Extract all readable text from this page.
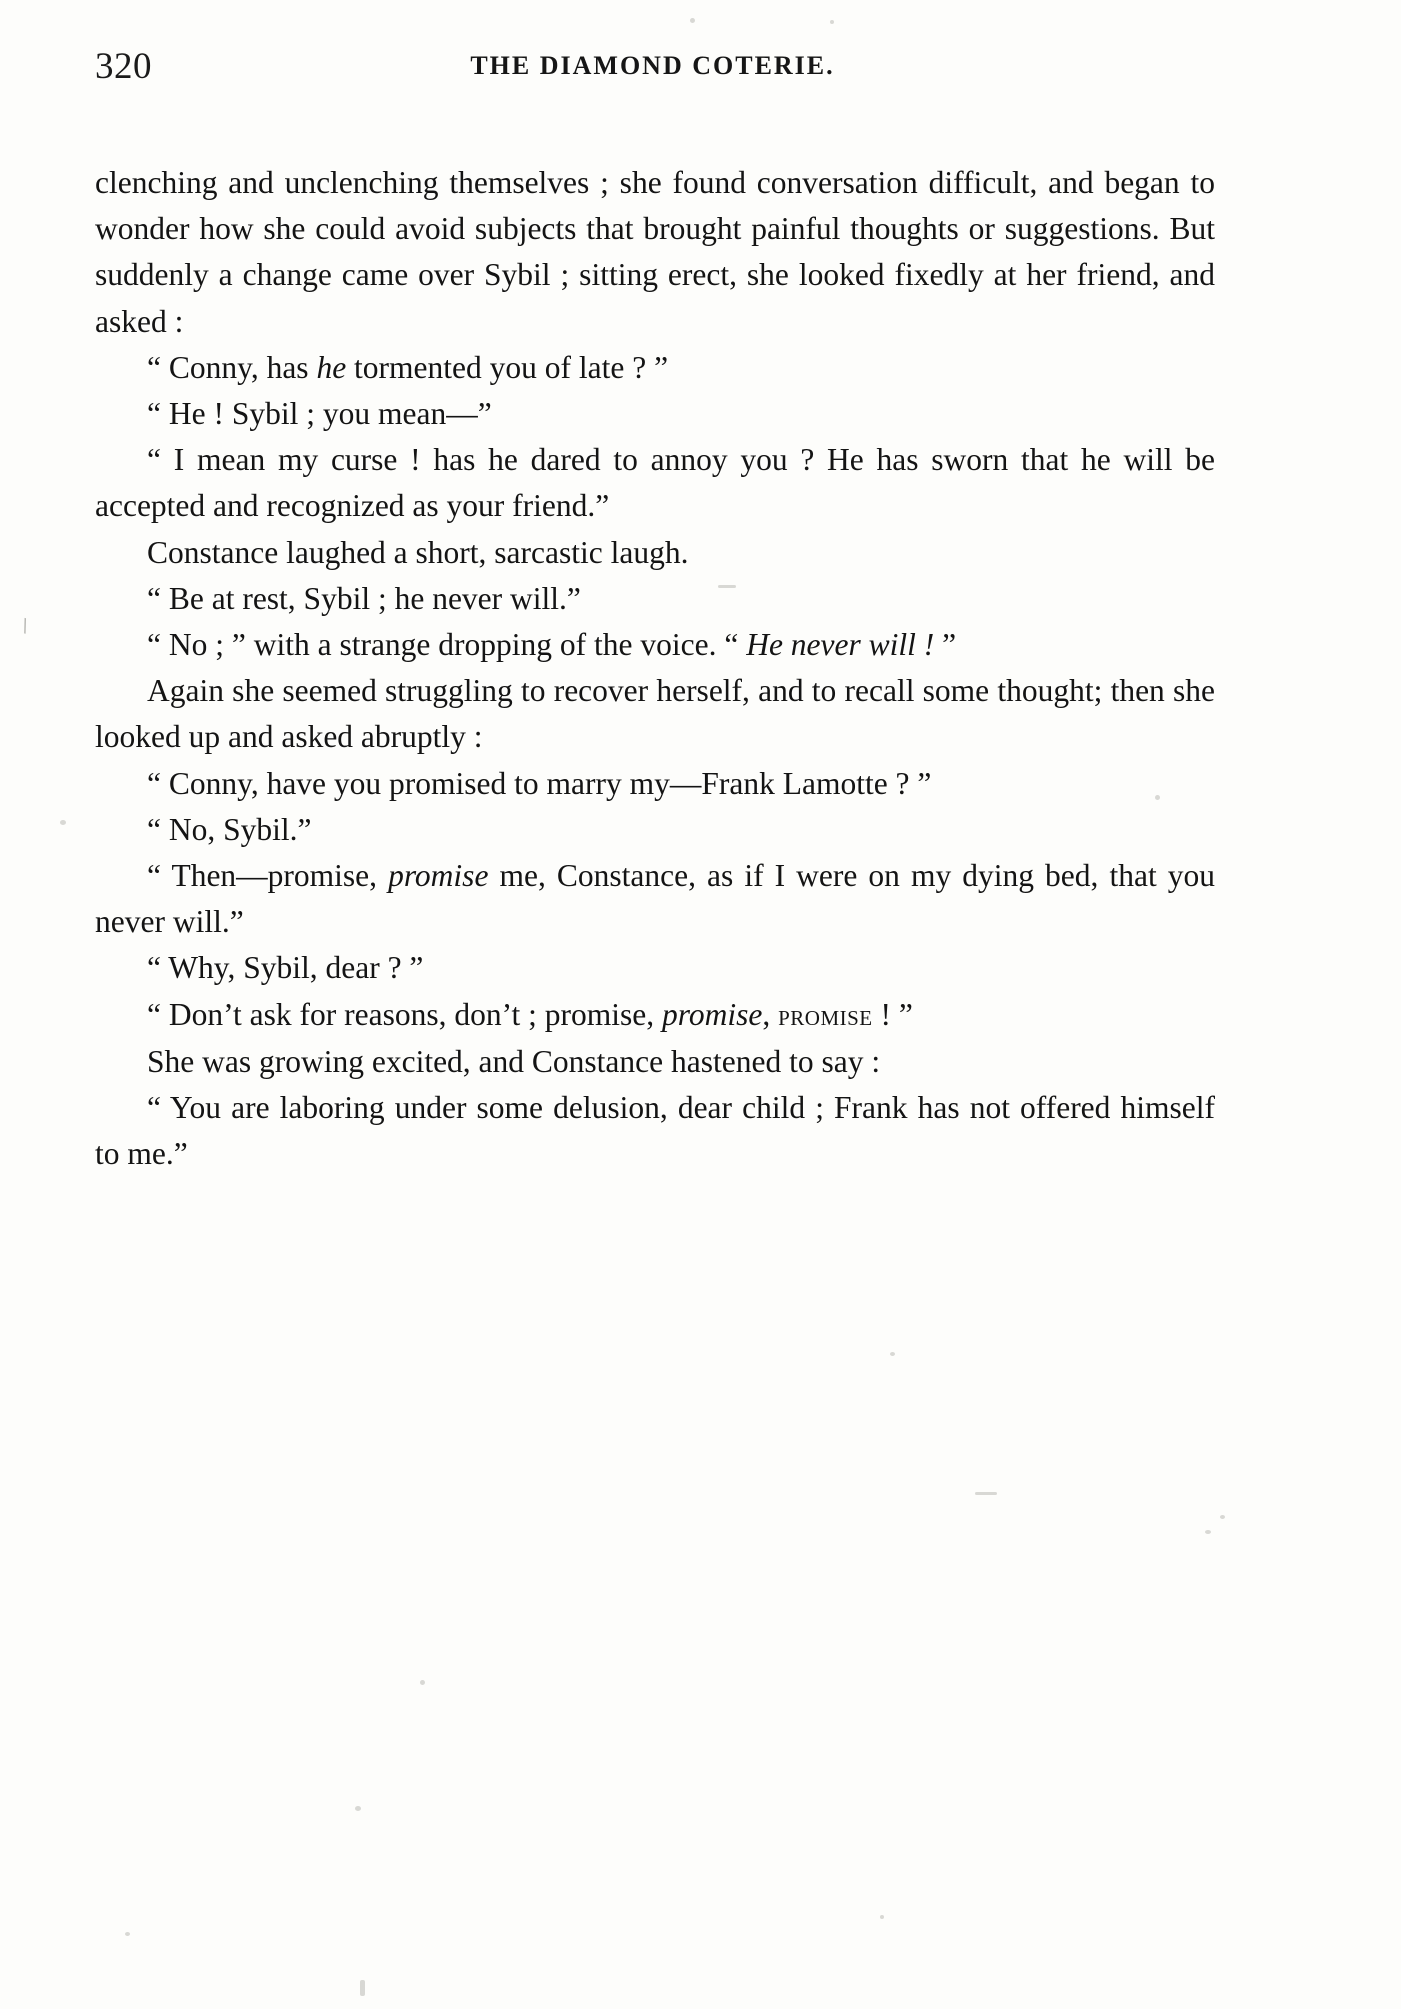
320	THE DIAMOND COTERIE.

clenching and unclenching themselves ; she found conversation difficult, and began to wonder how she could avoid subjects that brought painful thoughts or suggestions. But suddenly a change came over Sybil ; sitting erect, she looked fixedly at her friend, and asked :

“ Conny, has he tormented you of late ? ”

“ He ! Sybil ; you mean—”

“ I mean my curse ! has he dared to annoy you ? He has sworn that he will be accepted and recognized as your friend.”

Constance laughed a short, sarcastic laugh.

“ Be at rest, Sybil ; he never will.”

“ No ; ” with a strange dropping of the voice. “ He never will ! ”

Again she seemed struggling to recover herself, and to recall some thought; then she looked up and asked abruptly :

“ Conny, have you promised to marry my—Frank Lamotte ? ”

“ No, Sybil.”

“ Then—promise, promise me, Constance, as if I were on my dying bed, that you never will.”

“ Why, Sybil, dear ? ”

“ Don’t ask for reasons, don’t ; promise, promise, promise ! ”

She was growing excited, and Constance hastened to say :

“ You are laboring under some delusion, dear child ; Frank has not offered himself to me.”

\
